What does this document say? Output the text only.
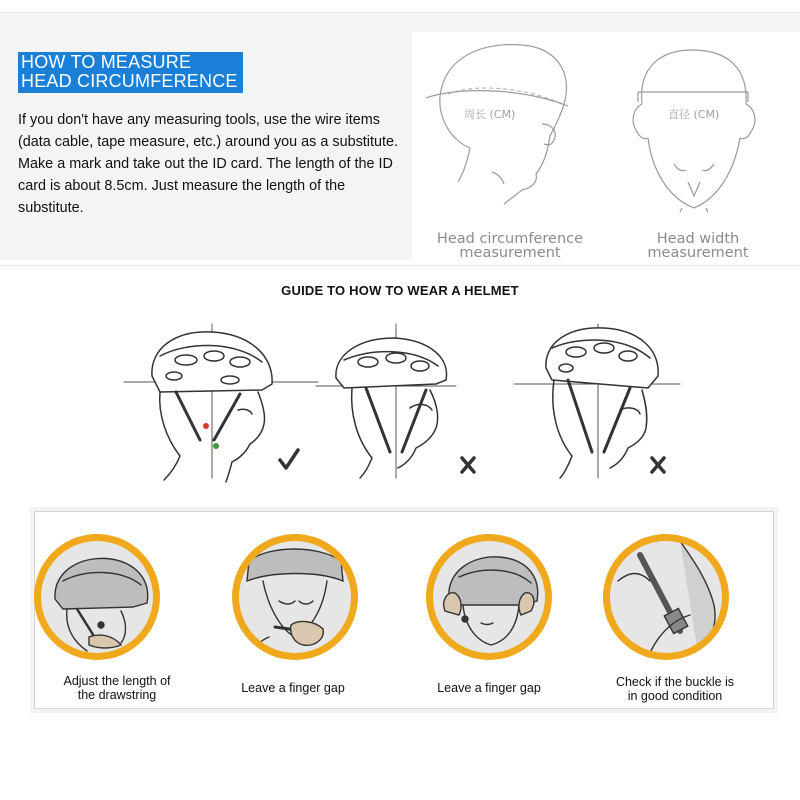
HOW TO MEASURE
HEAD CIRCUMFERENCE
If you don't have any measuring tools, use the wire items (data cable, tape measure, etc.) around you as a substitute. Make a mark and take out the ID card. The length of the ID card is about 8.5cm. Just measure the length of the substitute.
周长 (CM)	直径 (CM)
Head circumference
measurement
Head width
measurement
GUIDE TO HOW TO WEAR A HELMET
Adjust the length of
the drawstring	Leave a finger gap	Leave a finger gap	Check if the buckle is
in good condition
